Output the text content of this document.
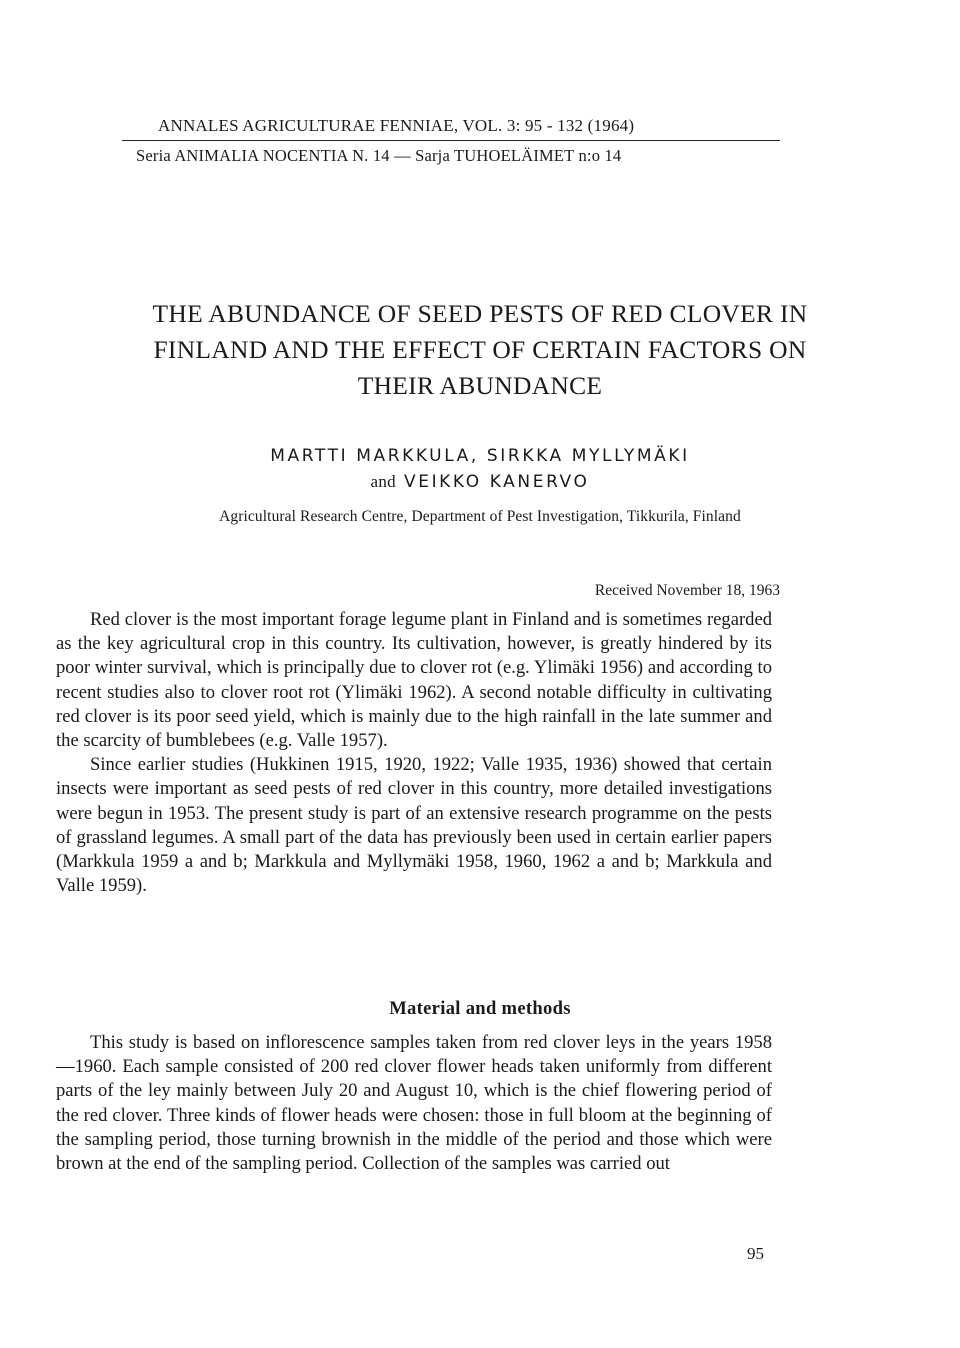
ANNALES AGRICULTURAE FENNIAE, VOL. 3: 95 - 132 (1964)
Seria ANIMALIA NOCENTIA N. 14 — Sarja TUHOELÄIMET n:o 14
THE ABUNDANCE OF SEED PESTS OF RED CLOVER IN
FINLAND AND THE EFFECT OF CERTAIN FACTORS ON
THEIR ABUNDANCE
MARTTI MARKKULA, SIRKKA MYLLYMÄKI
and VEIKKO KANERVO
Agricultural Research Centre, Department of Pest Investigation, Tikkurila, Finland
Received November 18, 1963

Red clover is the most important forage legume plant in Finland and is sometimes regarded as the key agricultural crop in this country. Its cultivation, however, is greatly hindered by its poor winter survival, which is principally due to clover rot (e.g. Ylimäki 1956) and according to recent studies also to clover root rot (Ylimäki 1962). A second notable difficulty in cultivating red clover is its poor seed yield, which is mainly due to the high rainfall in the late summer and the scarcity of bumblebees (e.g. Valle 1957).

Since earlier studies (Hukkinen 1915, 1920, 1922; Valle 1935, 1936) showed that certain insects were important as seed pests of red clover in this country, more detailed investigations were begun in 1953. The present study is part of an extensive research programme on the pests of grassland legumes. A small part of the data has previously been used in certain earlier papers (Markkula 1959 a and b; Markkula and Myllymäki 1958, 1960, 1962 a and b; Markkula and Valle 1959).

Material and methods

This study is based on inflorescence samples taken from red clover leys in the years 1958—1960. Each sample consisted of 200 red clover flower heads taken uniformly from different parts of the ley mainly between July 20 and August 10, which is the chief flowering period of the red clover. Three kinds of flower heads were chosen: those in full bloom at the beginning of the sampling period, those turning brownish in the middle of the period and those which were brown at the end of the sampling period. Collection of the samples was carried out

95
